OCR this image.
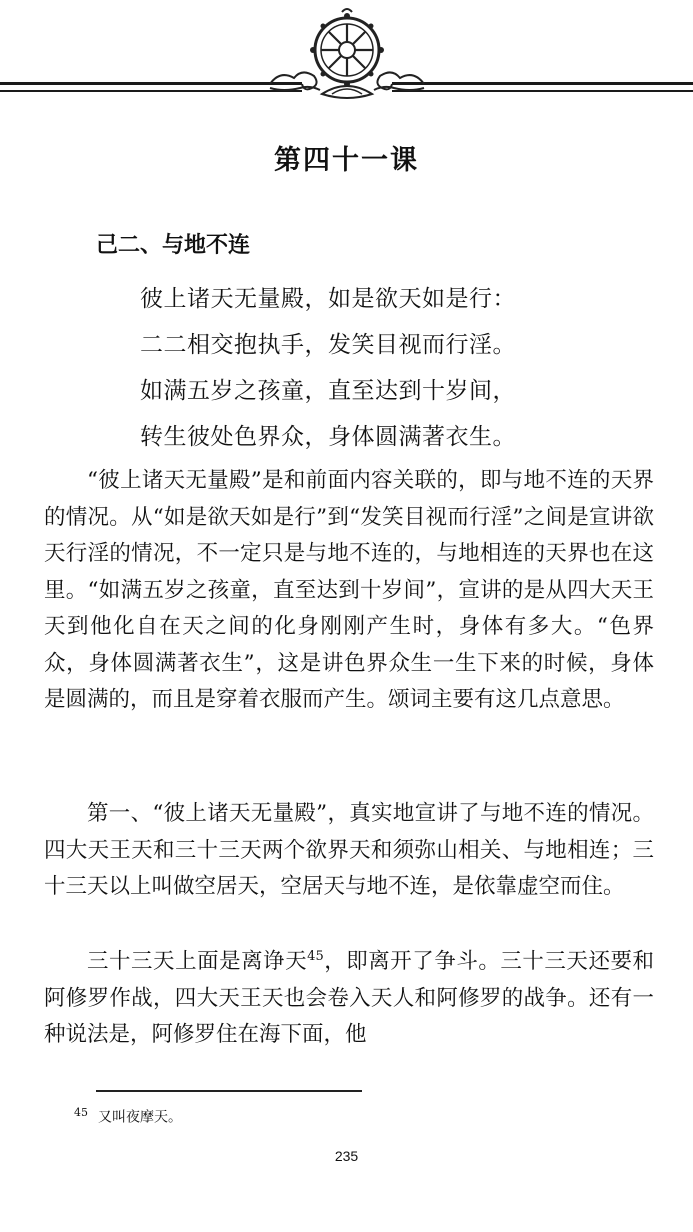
第四十一课
己二、与地不连
彼上诸天无量殿，如是欲天如是行：
二二相交抱执手，发笑目视而行淫。
如满五岁之孩童，直至达到十岁间，
转生彼处色界众，身体圆满著衣生。
“彼上诸天无量殿”是和前面内容关联的，即与地不连的天界的情况。从“如是欲天如是行”到“发笑目视而行淫”之间是宣讲欲天行淫的情况，不一定只是与地不连的，与地相连的天界也在这里。“如满五岁之孩童，直至达到十岁间”，宣讲的是从四大天王天到他化自在天之间的化身刚刚产生时，身体有多大。“色界众，身体圆满著衣生”，这是讲色界众生一生下来的时候，身体是圆满的，而且是穿着衣服而产生。颂词主要有这几点意思。
第一、“彼上诸天无量殿”，真实地宣讲了与地不连的情况。四大天王天和三十三天两个欲界天和须弥山相关、与地相连；三十三天以上叫做空居天，空居天与地不连，是依靠虚空而住。
三十三天上面是离诤天$^{45}$，即离开了争斗。三十三天还要和阿修罗作战，四大天王天也会卷入天人和阿修罗的战争。还有一种说法是，阿修罗住在海下面，他
$^{45}$ 又叫夜摩天。
235
